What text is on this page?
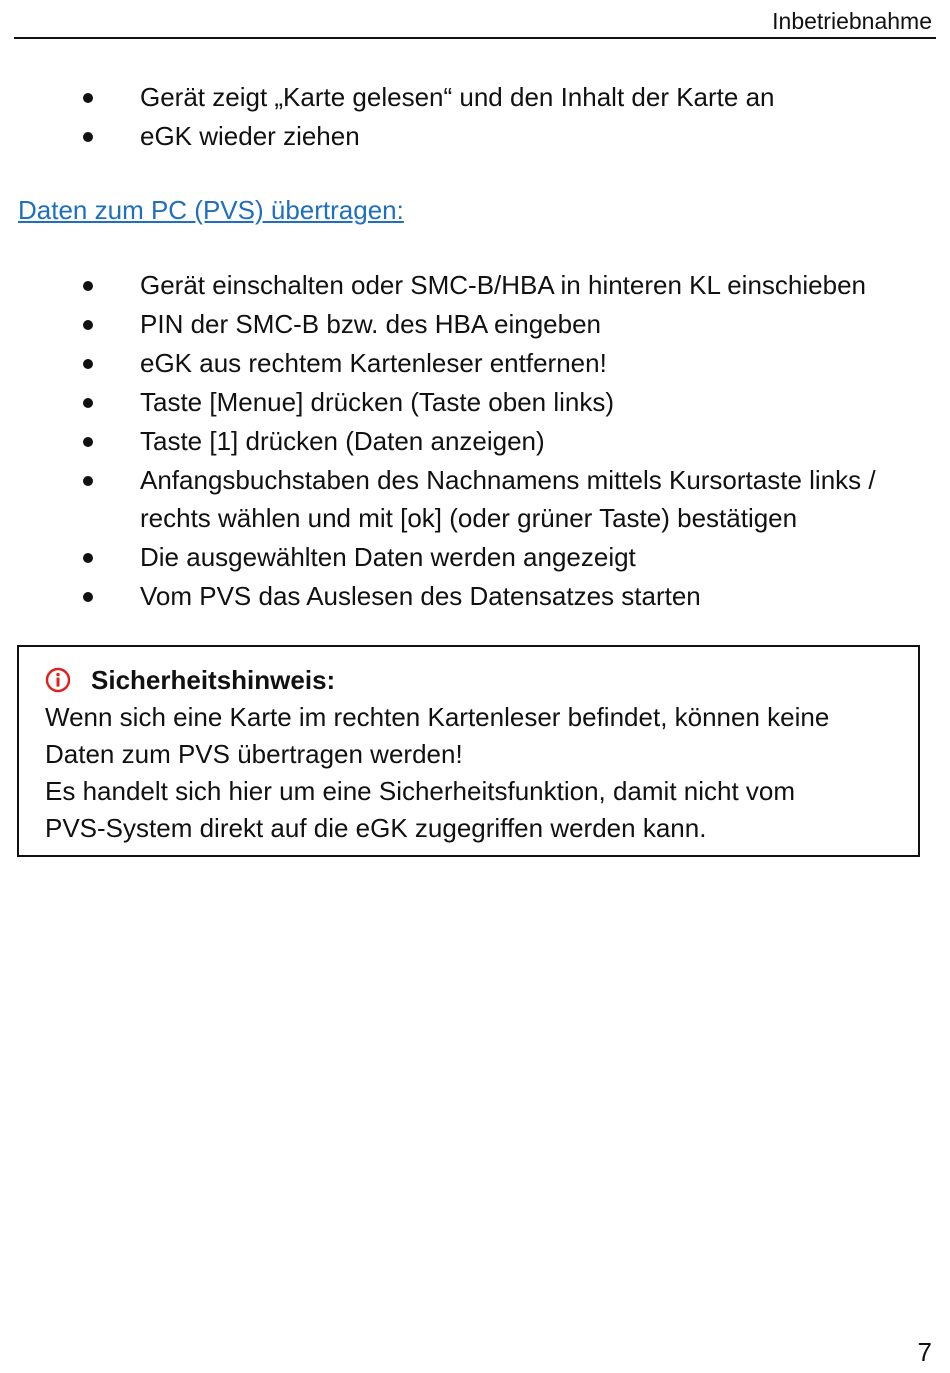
Inbetriebnahme
Gerät zeigt „Karte gelesen“ und den Inhalt der Karte an
eGK wieder ziehen
Daten zum PC (PVS) übertragen:
Gerät einschalten oder SMC-B/HBA in hinteren KL einschieben
PIN der SMC-B bzw. des HBA eingeben
eGK aus rechtem Kartenleser entfernen!
Taste [Menue] drücken (Taste oben links)
Taste [1] drücken (Daten anzeigen)
Anfangsbuchstaben des Nachnamens mittels Kursortaste links / rechts wählen und mit [ok] (oder grüner Taste) bestätigen
Die ausgewählten Daten werden angezeigt
Vom PVS das Auslesen des Datensatzes starten
Sicherheitshinweis:
Wenn sich eine Karte im rechten Kartenleser befindet, können keine
Daten zum PVS übertragen werden!
Es handelt sich hier um eine Sicherheitsfunktion, damit nicht vom
PVS-System direkt auf die eGK zugegriffen werden kann.
7
